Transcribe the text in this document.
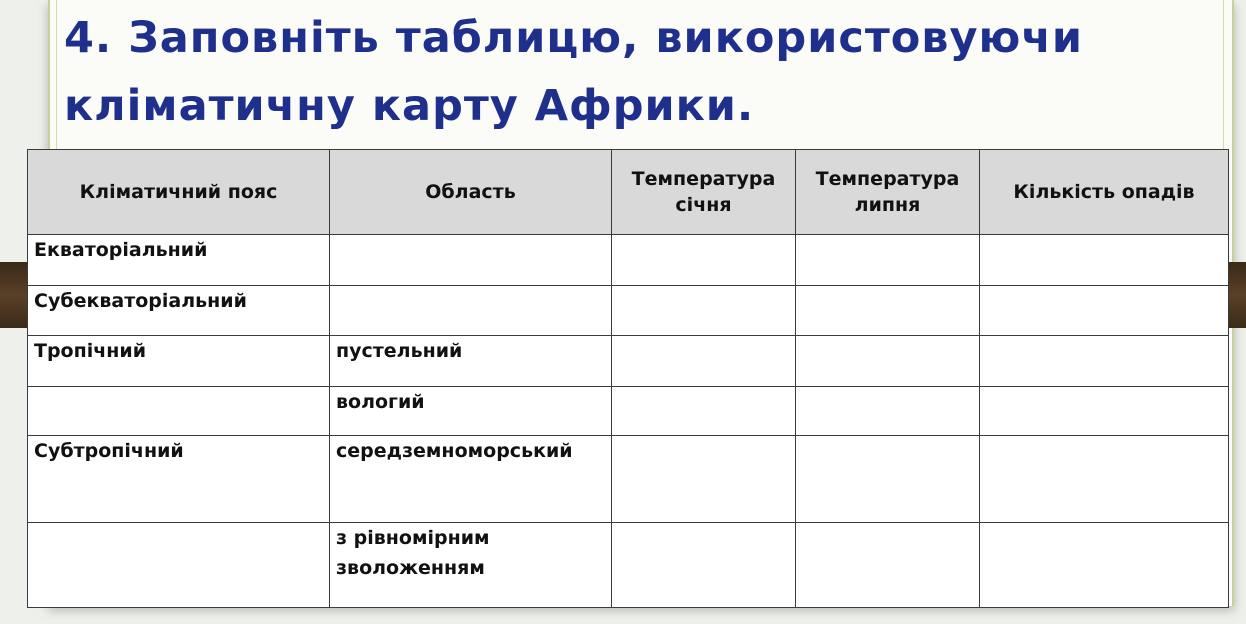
4. Заповніть таблицю, використовуючи кліматичну карту Африки.
Кліматичний пояс	Область	Температура січня	Температура липня	Кількість опадів
Екваторіальний				
Субекваторіальний				
Тропічний	пустельний			
	вологий			
Субтропічний	середземноморський			
	з рівномірним зволоженням			
